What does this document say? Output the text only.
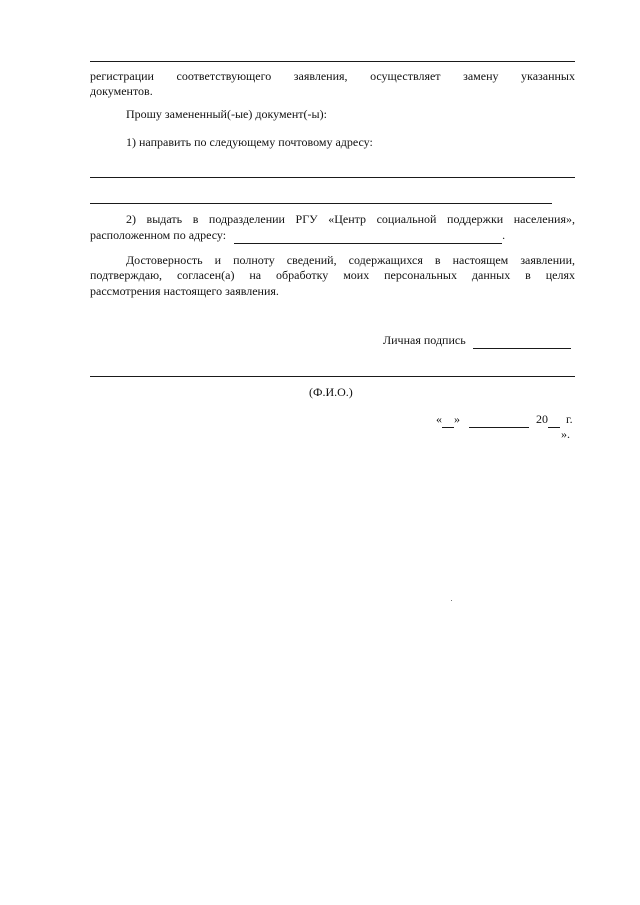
регистрации соответствующего заявления, осуществляет замену указанных
документов.
Прошу замененный(-ые) документ(-ы):
1) направить по следующему почтовому адресу:
2) выдать в подразделении РГУ «Центр социальной поддержки населения»,
расположенном по адресу:	.
Достоверность и полноту сведений, содержащихся в настоящем заявлении,
подтверждаю, согласен(а) на обработку моих персональных данных в целях
рассмотрения настоящего заявления.
Личная подпись
(Ф.И.О.)
« »	20 г.
».
